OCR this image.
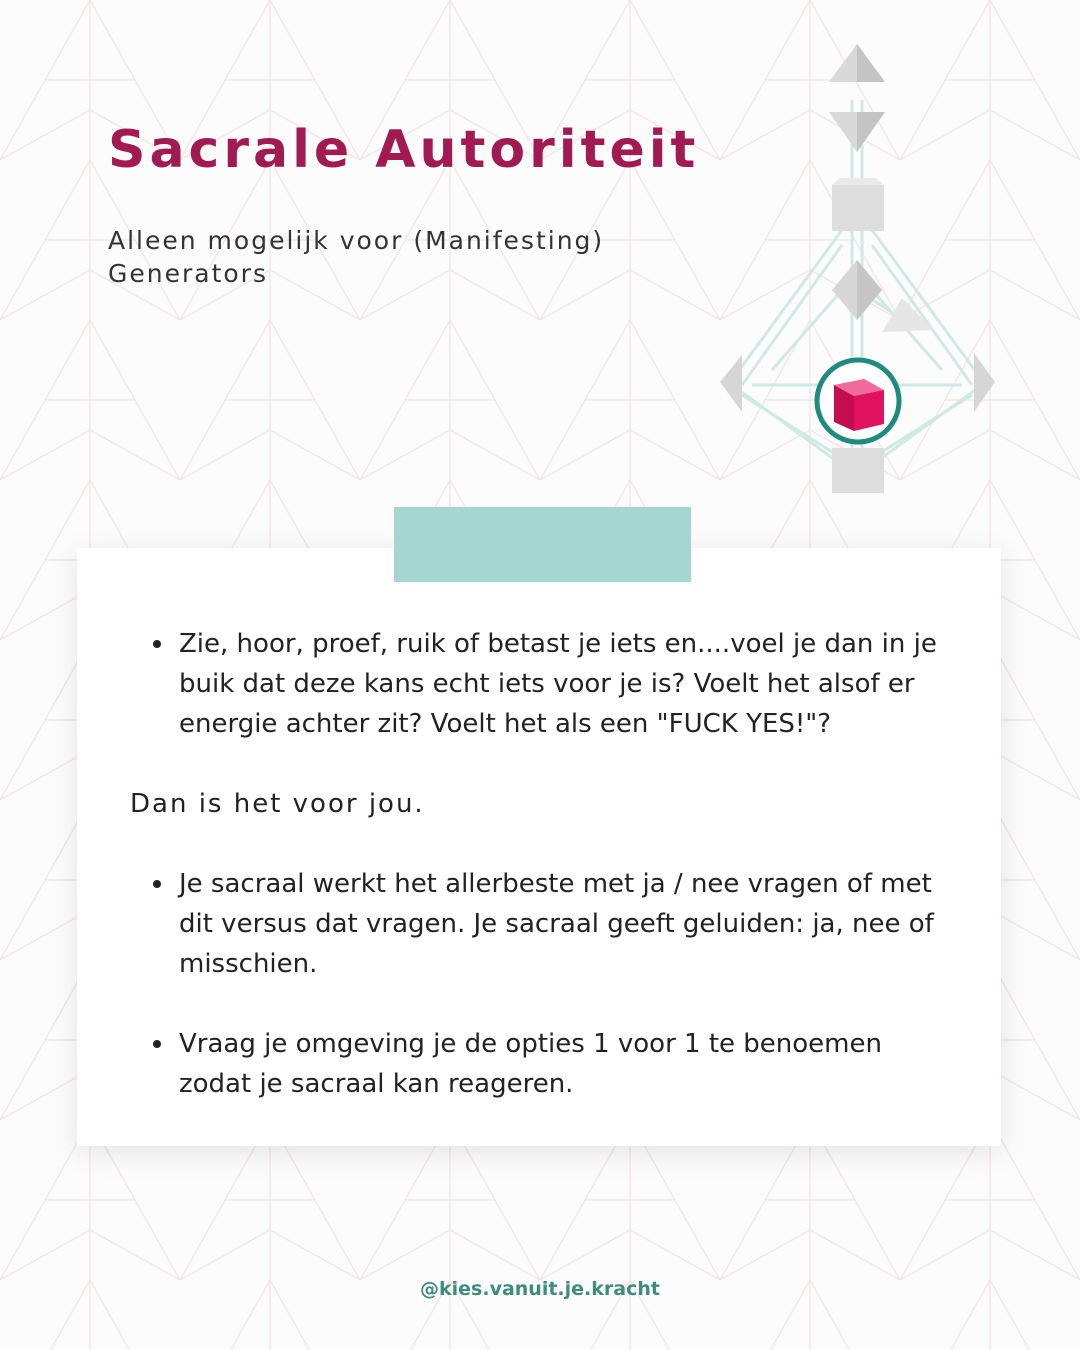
Sacrale Autoriteit
Alleen mogelijk voor (Manifesting) Generators
Zie, hoor, proef, ruik of betast je iets en....voel je dan in je buik dat deze kans echt iets voor je is? Voelt het alsof er energie achter zit? Voelt het als een "FUCK YES!"?
Dan is het voor jou.
Je sacraal werkt het allerbeste met ja / nee vragen of met dit versus dat vragen. Je sacraal geeft geluiden: ja, nee of misschien.
Vraag je omgeving je de opties 1 voor 1 te benoemen zodat je sacraal kan reageren.
@kies.vanuit.je.kracht
